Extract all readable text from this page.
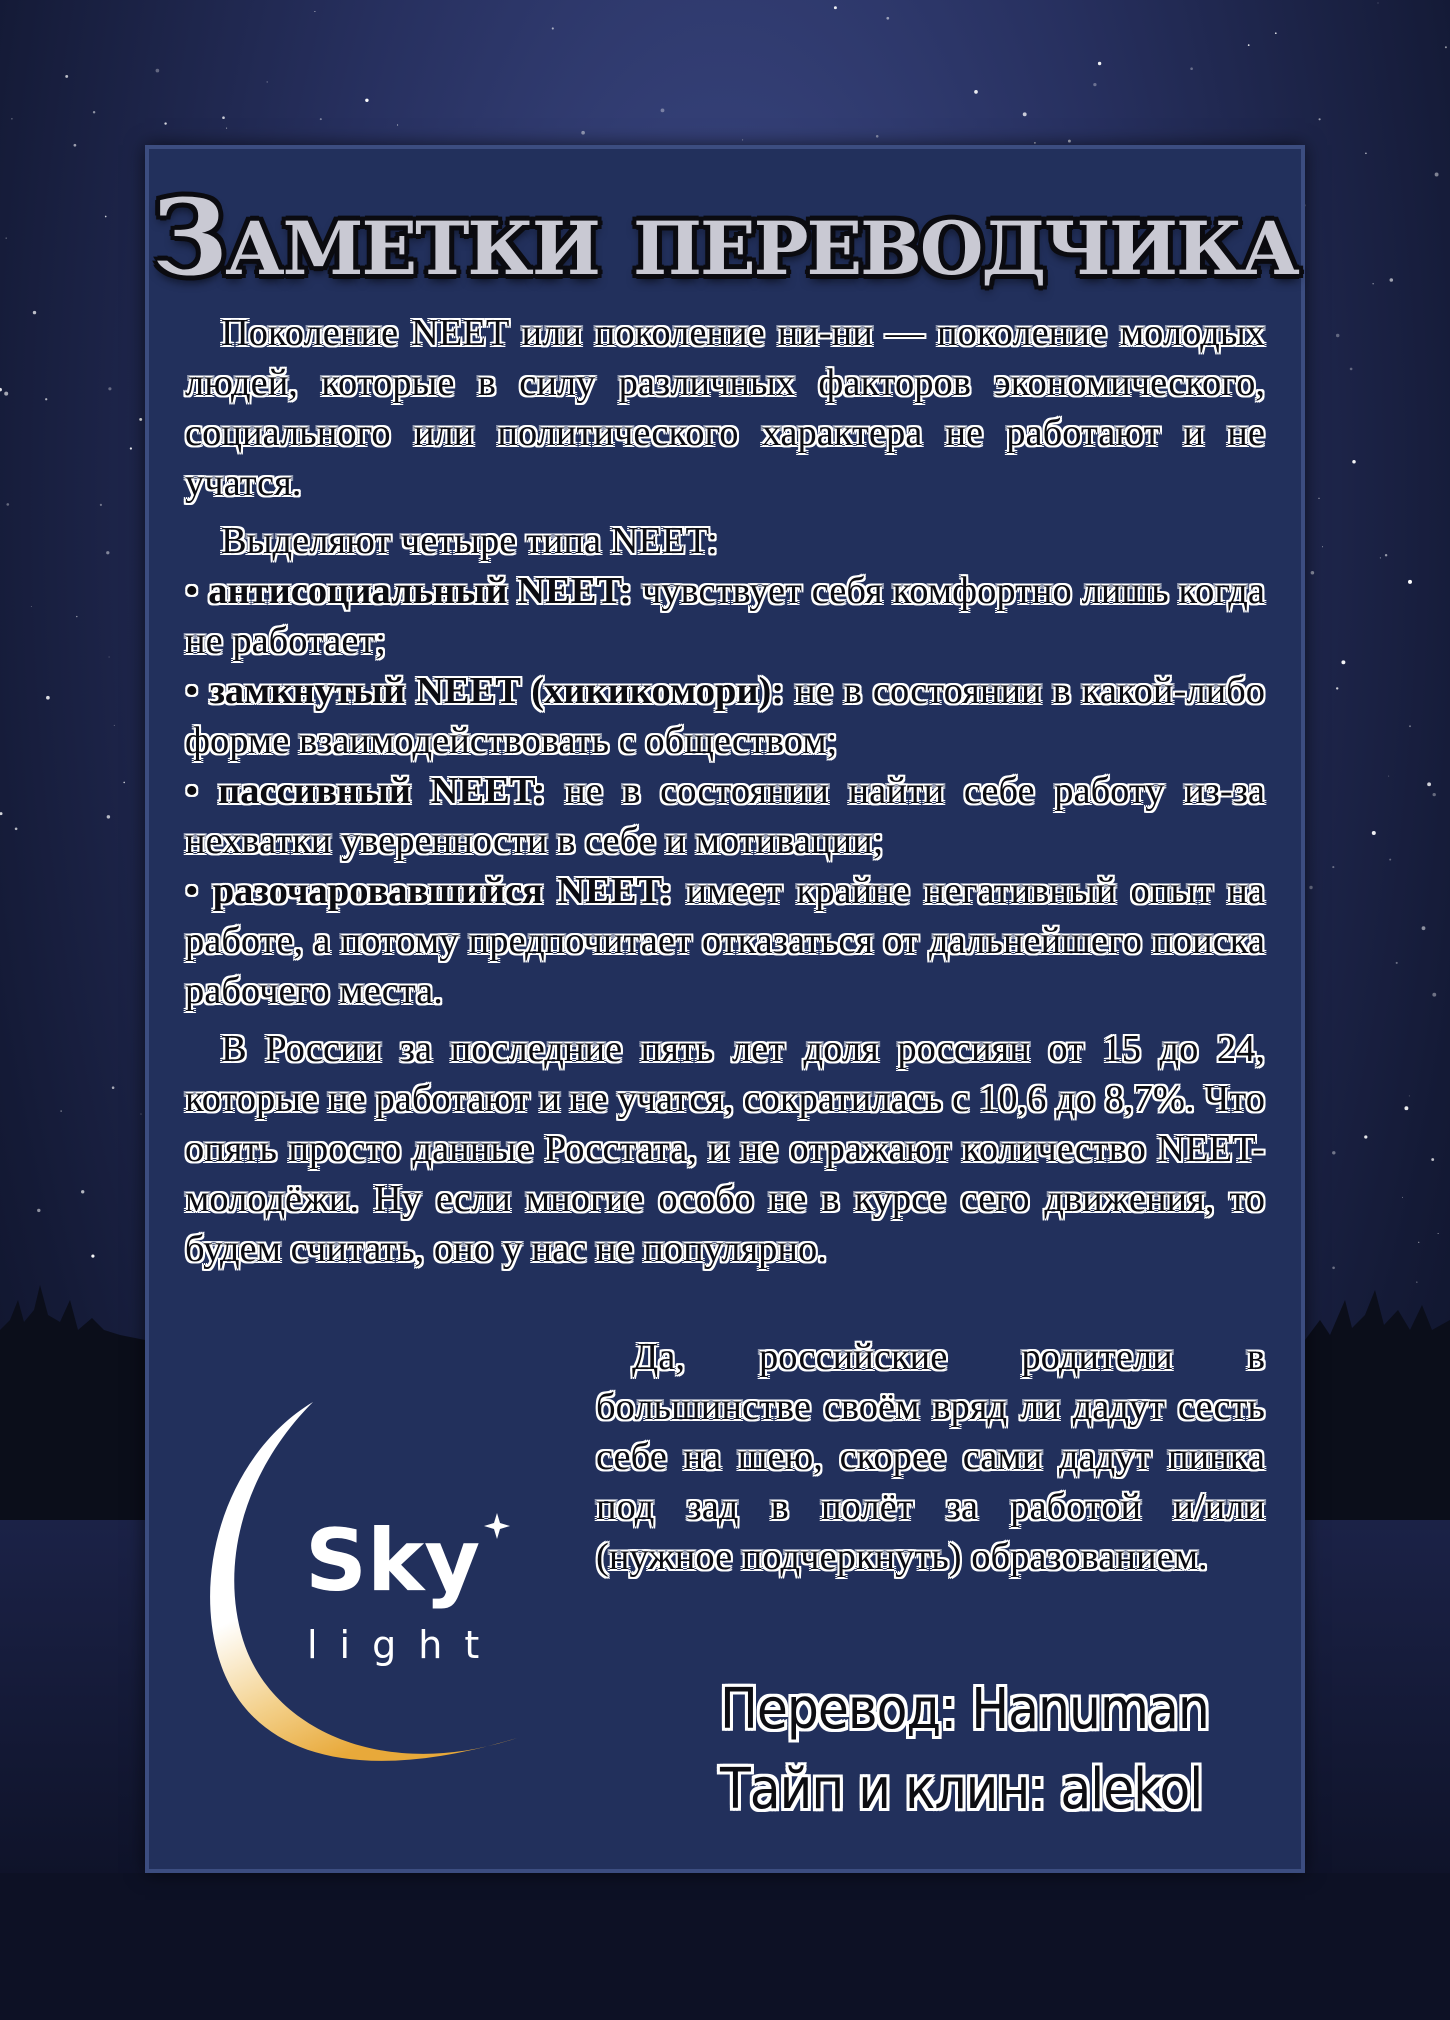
Заметки переводчика

Поколение NEET или поколение ни-ни — поколение молодых людей, которые в силу различных факторов экономического, социального или политического характера не работают и не учатся.

Выделяют четыре типа NEET:

• антисоциальный NEET: чувствует себя комфортно лишь когда не работает;

• замкнутый NEET (хикикомори): не в состоянии в какой-либо форме взаимодействовать с обществом;

• пассивный NEET: не в состоянии найти себе работу из-за нехватки уверенности в себе и мотивации;

• разочаровавшийся NEET: имеет крайне негативный опыт на работе, а потому предпочитает отказаться от дальнейшего поиска рабочего места.

В России за последние пять лет доля россиян от 15 до 24, которые не работают и не учатся, сократилась с 10,6 до 8,7%. Что опять просто данные Росстата, и не отражают количество NEET-молодёжи. Ну если многие особо не в курсе сего движения, то будем считать, оно у нас не популярно.

Да, российские родители в большинстве своём вряд ли дадут сесть себе на шею, скорее сами дадут пинка под зад в полёт за работой и/или (нужное подчеркнуть) образованием.
Sky
light
Перевод: Hanuman
Тайп и клин: alekol
